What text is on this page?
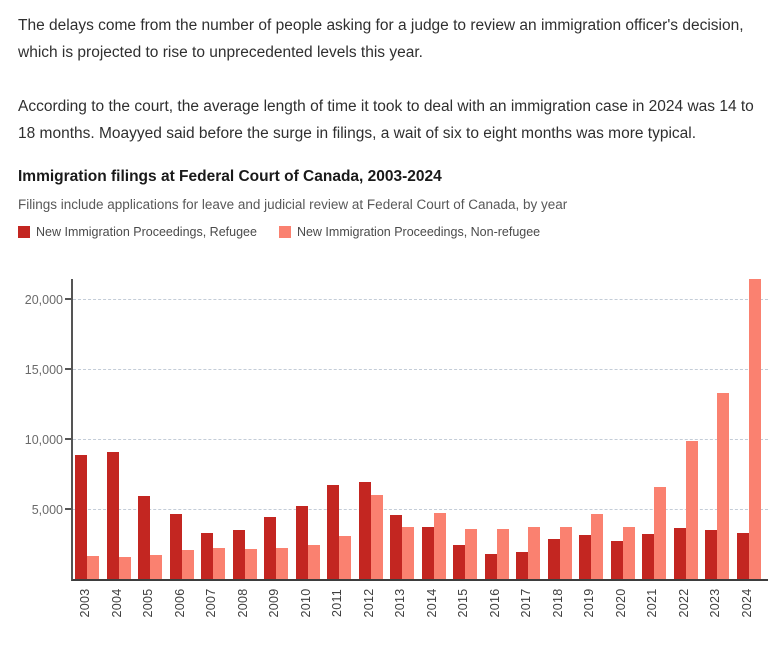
The delays come from the number of people asking for a judge to review an immigration officer's decision, which is projected to rise to unprecedented levels this year.

According to the court, the average length of time it took to deal with an immigration case in 2024 was 14 to 18 months. Moayyed said before the surge in filings, a wait of six to eight months was more typical.

Immigration filings at Federal Court of Canada, 2003-2024

Filings include applications for leave and judicial review at Federal Court of Canada, by year

New Immigration Proceedings, Refugee	New Immigration Proceedings, Non-refugee
5,000
10,000
15,000
20,000
2003 2004 2005 2006 2007 2008 2009 2010 2011 2012 2013 2014 2015 2016 2017 2018 2019 2020 2021 2022 2023 2024
